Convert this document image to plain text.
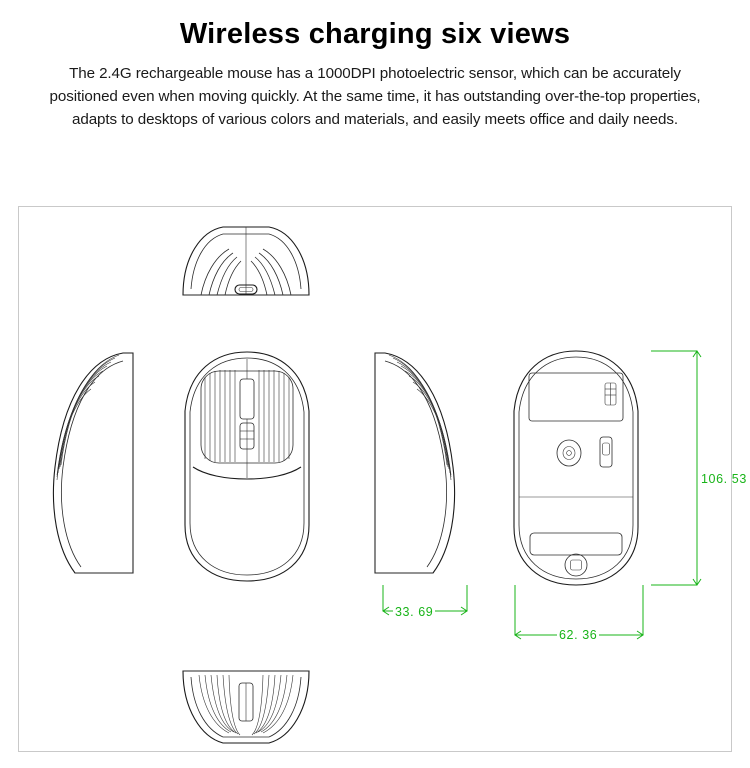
Wireless charging six views

The 2.4G rechargeable mouse has a 1000DPI photoelectric sensor, which can be accurately positioned even when moving quickly. At the same time, it has outstanding over-the-top properties, adapts to desktops of various colors and materials, and easily meets office and daily needs.

106. 53
33. 69
62. 36
